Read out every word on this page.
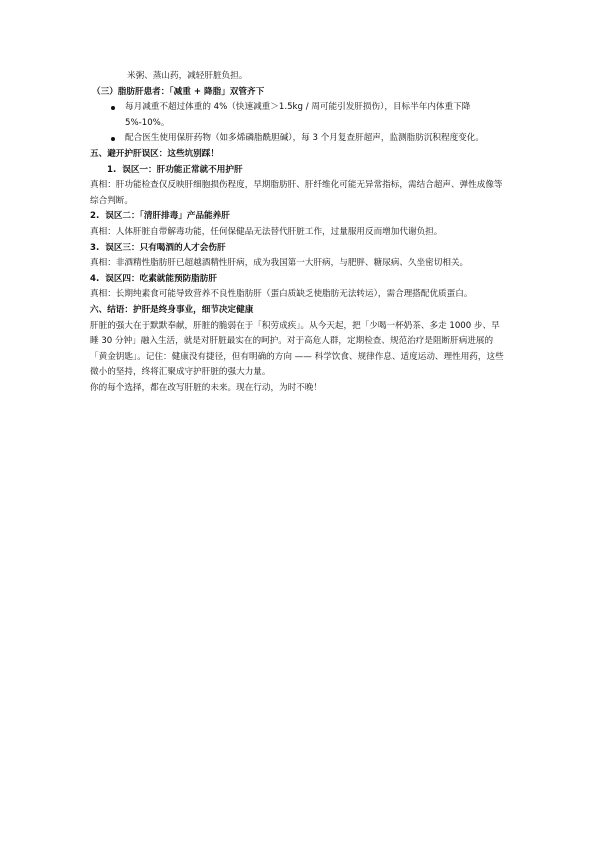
米粥、蒸山药，减轻肝脏负担。

（三）脂肪肝患者：「减重 + 降脂」双管齐下

每月减重不超过体重的 4%（快速减重＞1.5kg / 周可能引发肝损伤），目标半年内体重下降 5%-10%。
配合医生使用保肝药物（如多烯磷脂酰胆碱），每 3 个月复查肝超声，监测脂肪沉积程度变化。

五、避开护肝误区：这些坑别踩！

1.  误区一：肝功能正常就不用护肝

真相：肝功能检查仅反映肝细胞损伤程度，早期脂肪肝、肝纤维化可能无异常指标，需结合超声、弹性成像等综合判断。

2.  误区二：「清肝排毒」产品能养肝

真相：人体肝脏自带解毒功能，任何保健品无法替代肝脏工作，过量服用反而增加代谢负担。

3.  误区三：只有喝酒的人才会伤肝

真相：非酒精性脂肪肝已超越酒精性肝病，成为我国第一大肝病，与肥胖、糖尿病、久坐密切相关。

4.  误区四：吃素就能预防脂肪肝

真相：长期纯素食可能导致营养不良性脂肪肝（蛋白质缺乏使脂肪无法转运），需合理搭配优质蛋白。

六、结语：护肝是终身事业，细节决定健康

肝脏的强大在于默默奉献，肝脏的脆弱在于「积劳成疾」。从今天起，把「少喝一杯奶茶、多走 1000 步、早睡 30 分钟」融入生活，就是对肝脏最实在的呵护。对于高危人群，定期检查、规范治疗是阻断肝病进展的「黄金钥匙」。记住：健康没有捷径，但有明确的方向 —— 科学饮食、规律作息、适度运动、理性用药，这些微小的坚持，终将汇聚成守护肝脏的强大力量。

你的每个选择，都在改写肝脏的未来。现在行动，为时不晚！
